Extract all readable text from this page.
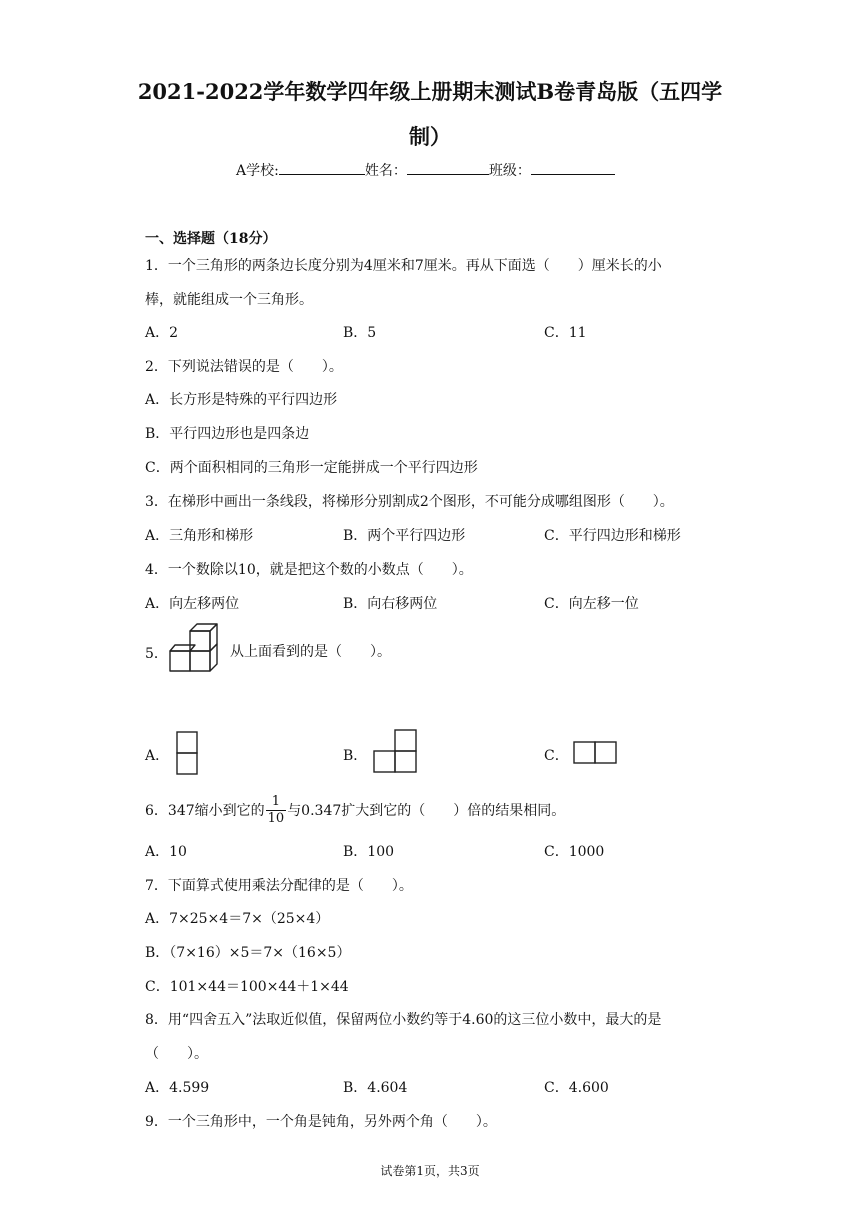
2021-2022学年数学四年级上册期末测试B卷青岛版（五四学
制）
A学校:	姓名：	班级：
一、选择题（18分）
1．一个三角形的两条边长度分别为4厘米和7厘米。再从下面选（　　）厘米长的小
棒，就能组成一个三角形。
A．2	B．5	C．11
2．下列说法错误的是（　　）。
A．长方形是特殊的平行四边形
B．平行四边形也是四条边
C．两个面积相同的三角形一定能拼成一个平行四边形
3．在梯形中画出一条线段，将梯形分别割成2个图形，不可能分成哪组图形（　　）。
A．三角形和梯形	B．两个平行四边形	C．平行四边形和梯形
4．一个数除以10，就是把这个数的小数点（　　）。
A．向左移两位	B．向右移两位	C．向左移一位
5．	从上面看到的是（　　）。
A．	B．	C．
6．347缩小到它的 $\frac{1}{10}$ 与0.347扩大到它的（　　）倍的结果相同。
A．10	B．100	C．1000
7．下面算式使用乘法分配律的是（　　）。
A．7×25×4＝7×（25×4）
B．（7×16）×5＝7×（16×5）
C．101×44＝100×44＋1×44
8．用“四舍五入”法取近似值，保留两位小数约等于4.60的这三位小数中，最大的是
（　　）。
A．4.599	B．4.604	C．4.600
9．一个三角形中，一个角是钝角，另外两个角（　　）。
试卷第1页，共3页
